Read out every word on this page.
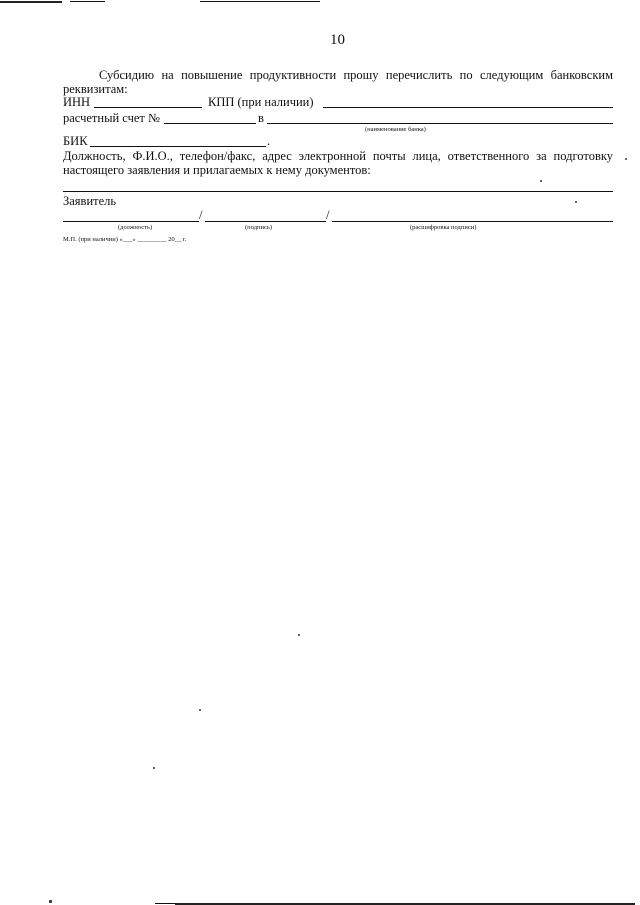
10
Субсидию на повышение продуктивности прошу перечислить по следующим банковским реквизитам:
ИНН	КПП (при наличии)
расчетный счет №	в
(наименование банка)
БИК	.
Должность, Ф.И.О., телефон/факс, адрес электронной почты лица, ответственного за подготовку настоящего заявления и прилагаемых к нему документов:
Заявитель
/	/
(должность)	(подпись)	(расшифровка подписи)
М.П. (при наличии) «___» _________ 20__ г.
